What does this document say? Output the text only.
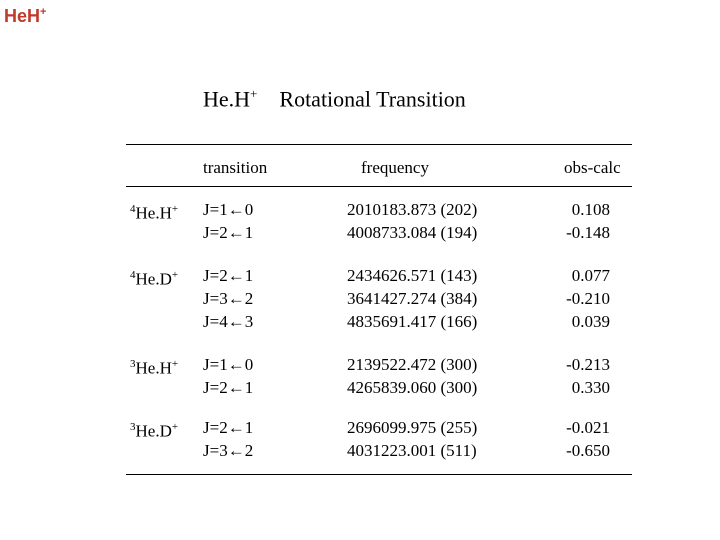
HeH+
He.H+ Rotational Transition
transition	frequency	obs-calc
$^4$He.H+ J=1←0
J=2←1
2010183.873 (202)
4008733.084 (194)
0.108
-0.148
$^4$He.D+ J=2←1
J=3←2
J=4←3
2434626.571 (143)
3641427.274 (384)
4835691.417 (166)
0.077
-0.210
0.039
$^3$He.H+ J=1←0
J=2←1
2139522.472 (300)
4265839.060 (300)
-0.213
0.330
$^3$He.D+ J=2←1
J=3←2
2696099.975 (255)
4031223.001 (511)
-0.021
-0.650
